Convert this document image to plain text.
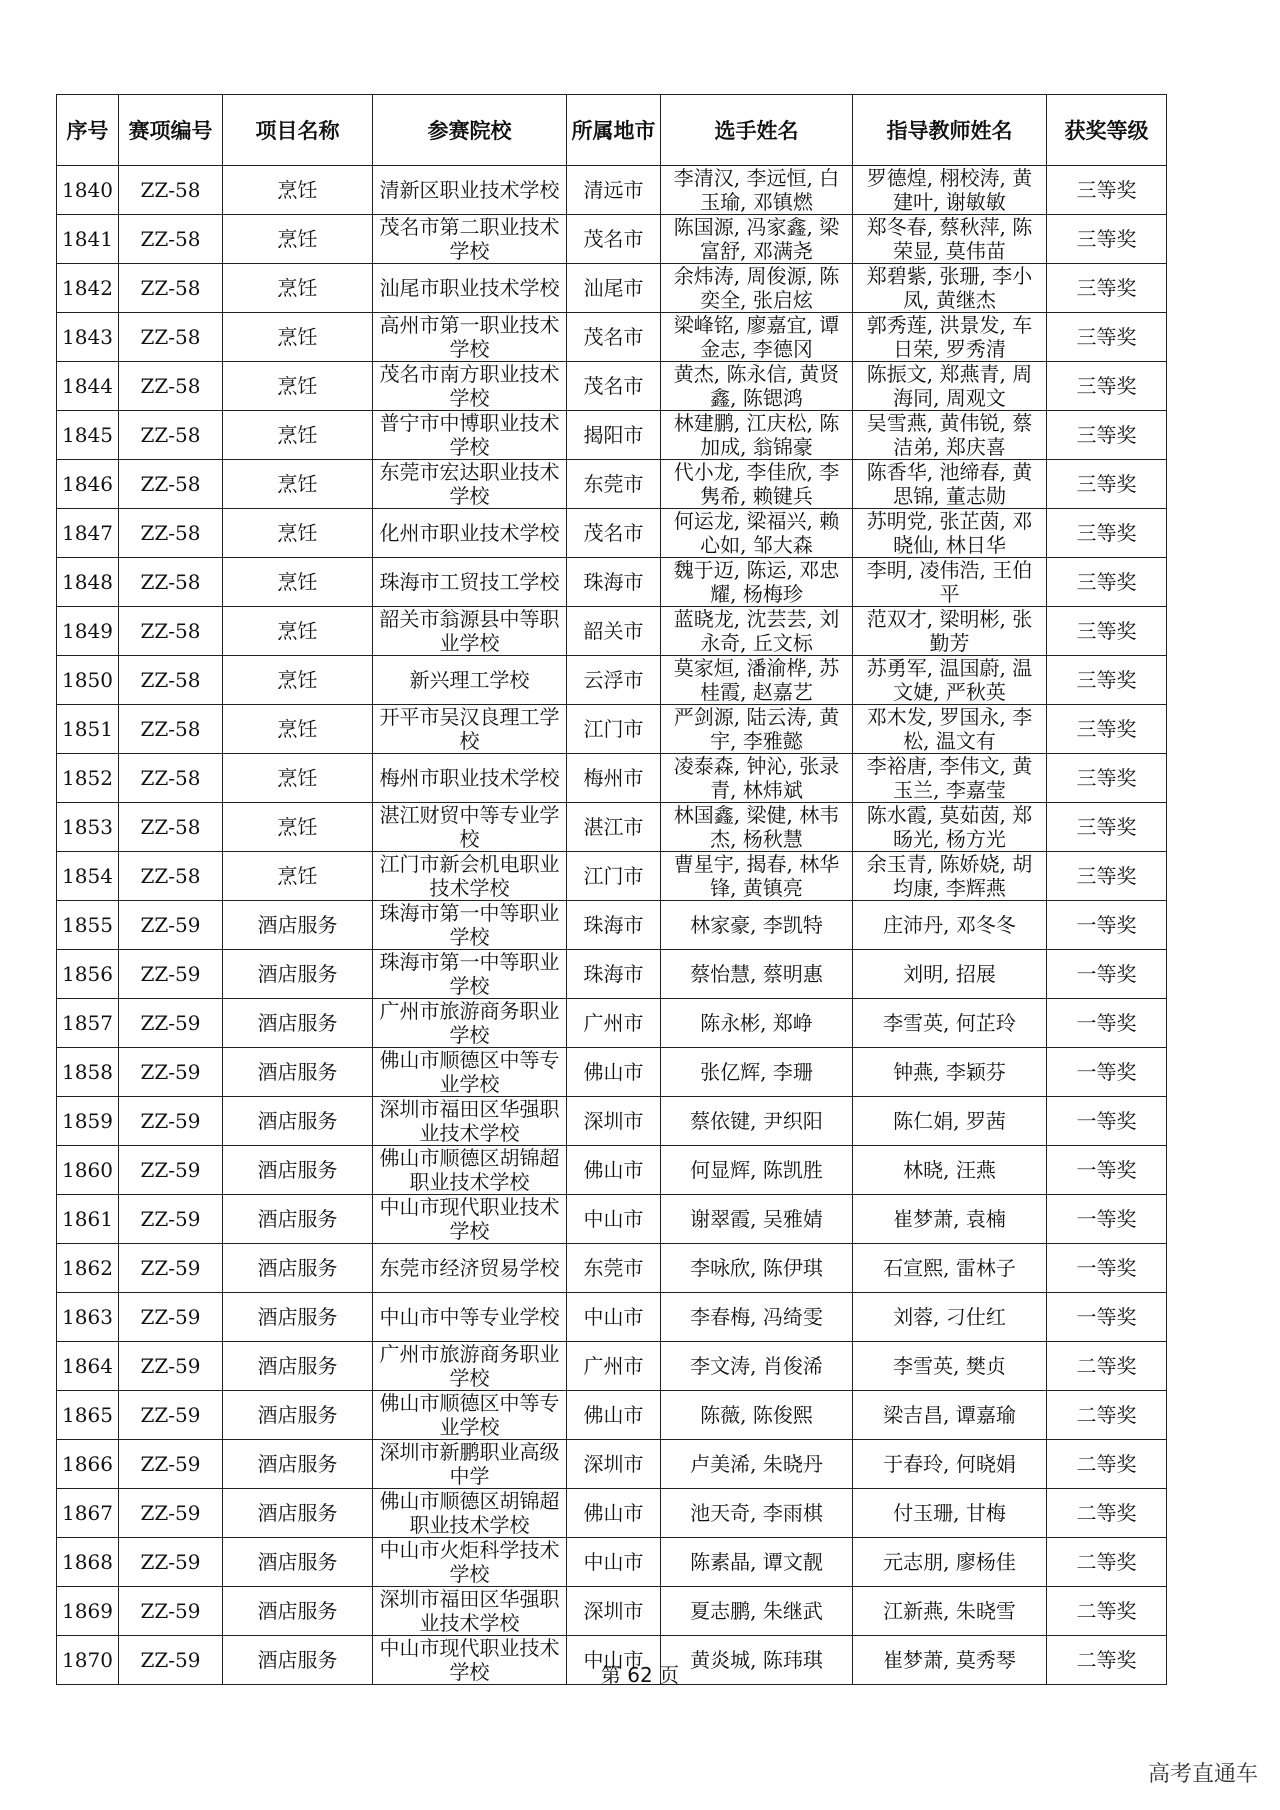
序号	赛项编号	项目名称	参赛院校	所属地市	选手姓名	指导教师姓名	获奖等级
1840	ZZ-58	烹饪	清新区职业技术学校	清远市	李清汉, 李远恒, 白玉瑜, 邓镇燃	罗德煌, 栩校涛, 黄建叶, 谢敏敏	三等奖
1841	ZZ-58	烹饪	茂名市第二职业技术学校	茂名市	陈国源, 冯家鑫, 梁富舒, 邓满尧	郑冬春, 蔡秋萍, 陈荣显, 莫伟苗	三等奖
1842	ZZ-58	烹饪	汕尾市职业技术学校	汕尾市	余炜涛, 周俊源, 陈奕全, 张启炫	郑碧紫, 张珊, 李小凤, 黄继杰	三等奖
1843	ZZ-58	烹饪	高州市第一职业技术学校	茂名市	梁峰铭, 廖嘉宜, 谭金志, 李德冈	郭秀莲, 洪景发, 车日荣, 罗秀清	三等奖
1844	ZZ-58	烹饪	茂名市南方职业技术学校	茂名市	黄杰, 陈永信, 黄贤鑫, 陈锶鸿	陈振文, 郑燕青, 周海同, 周观文	三等奖
1845	ZZ-58	烹饪	普宁市中博职业技术学校	揭阳市	林建鹏, 江庆松, 陈加成, 翁锦豪	吴雪燕, 黄伟锐, 蔡洁弟, 郑庆喜	三等奖
1846	ZZ-58	烹饪	东莞市宏达职业技术学校	东莞市	代小龙, 李佳欣, 李隽希, 赖键兵	陈香华, 池缔春, 黄思锦, 董志勋	三等奖
1847	ZZ-58	烹饪	化州市职业技术学校	茂名市	何运龙, 梁福兴, 赖心如, 邹大森	苏明党, 张芷茵, 邓晓仙, 林日华	三等奖
1848	ZZ-58	烹饪	珠海市工贸技工学校	珠海市	魏于迈, 陈运, 邓忠耀, 杨梅珍	李明, 凌伟浩, 王伯平	三等奖
1849	ZZ-58	烹饪	韶关市翁源县中等职业学校	韶关市	蓝晓龙, 沈芸芸, 刘永奇, 丘文标	范双才, 梁明彬, 张勤芳	三等奖
1850	ZZ-58	烹饪	新兴理工学校	云浮市	莫家烜, 潘渝桦, 苏桂霞, 赵嘉艺	苏勇军, 温国蔚, 温文婕, 严秋英	三等奖
1851	ZZ-58	烹饪	开平市吴汉良理工学校	江门市	严剑源, 陆云涛, 黄宇, 李雅懿	邓木发, 罗国永, 李松, 温文有	三等奖
1852	ZZ-58	烹饪	梅州市职业技术学校	梅州市	凌泰森, 钟沁, 张录青, 林炜斌	李裕唐, 李伟文, 黄玉兰, 李嘉莹	三等奖
1853	ZZ-58	烹饪	湛江财贸中等专业学校	湛江市	林国鑫, 梁健, 林韦杰, 杨秋慧	陈水霞, 莫茹茵, 郑旸光, 杨方光	三等奖
1854	ZZ-58	烹饪	江门市新会机电职业技术学校	江门市	曹星宇, 揭春, 林华锋, 黄镇亮	余玉青, 陈娇娆, 胡均康, 李辉燕	三等奖
1855	ZZ-59	酒店服务	珠海市第一中等职业学校	珠海市	林家豪, 李凯特	庄沛丹, 邓冬冬	一等奖
1856	ZZ-59	酒店服务	珠海市第一中等职业学校	珠海市	蔡怡慧, 蔡明惠	刘明, 招展	一等奖
1857	ZZ-59	酒店服务	广州市旅游商务职业学校	广州市	陈永彬, 郑峥	李雪英, 何芷玲	一等奖
1858	ZZ-59	酒店服务	佛山市顺德区中等专业学校	佛山市	张亿辉, 李珊	钟燕, 李颖芬	一等奖
1859	ZZ-59	酒店服务	深圳市福田区华强职业技术学校	深圳市	蔡依键, 尹织阳	陈仁娟, 罗茜	一等奖
1860	ZZ-59	酒店服务	佛山市顺德区胡锦超职业技术学校	佛山市	何显辉, 陈凯胜	林晓, 汪燕	一等奖
1861	ZZ-59	酒店服务	中山市现代职业技术学校	中山市	谢翠霞, 吴雅婧	崔梦萧, 袁楠	一等奖
1862	ZZ-59	酒店服务	东莞市经济贸易学校	东莞市	李咏欣, 陈伊琪	石宣熙, 雷林子	一等奖
1863	ZZ-59	酒店服务	中山市中等专业学校	中山市	李春梅, 冯绮雯	刘蓉, 刁仕红	一等奖
1864	ZZ-59	酒店服务	广州市旅游商务职业学校	广州市	李文涛, 肖俊浠	李雪英, 樊贞	二等奖
1865	ZZ-59	酒店服务	佛山市顺德区中等专业学校	佛山市	陈薇, 陈俊熙	梁吉昌, 谭嘉瑜	二等奖
1866	ZZ-59	酒店服务	深圳市新鹏职业高级中学	深圳市	卢美浠, 朱晓丹	于春玲, 何晓娟	二等奖
1867	ZZ-59	酒店服务	佛山市顺德区胡锦超职业技术学校	佛山市	池天奇, 李雨棋	付玉珊, 甘梅	二等奖
1868	ZZ-59	酒店服务	中山市火炬科学技术学校	中山市	陈素晶, 谭文靓	元志朋, 廖杨佳	二等奖
1869	ZZ-59	酒店服务	深圳市福田区华强职业技术学校	深圳市	夏志鹏, 朱继武	江新燕, 朱晓雪	二等奖
1870	ZZ-59	酒店服务	中山市现代职业技术学校	中山市	黄炎城, 陈玮琪	崔梦萧, 莫秀琴	二等奖
第 62 页
高考直通车
